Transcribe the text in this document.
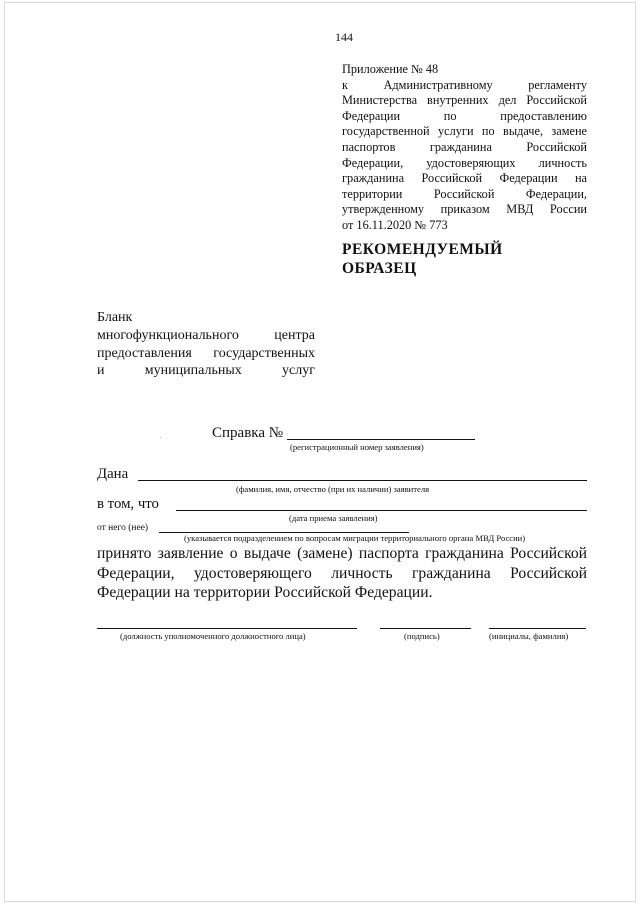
144
Приложение № 48
к Административному регламенту
Министерства внутренних дел Российской
Федерации по предоставлению
государственной услуги по выдаче, замене
паспортов гражданина Российской
Федерации, удостоверяющих личность
гражданина Российской Федерации на
территории Российской Федерации,
утвержденному приказом МВД России
от 16.11.2020 № 773
РЕКОМЕНДУЕМЫЙ
ОБРАЗЕЦ
Бланк
многофункционального центра
предоставления государственных
и муниципальных услуг
Справка №
(регистрационный номер заявления)
Дана
(фамилия, имя, отчество (при их наличии) заявителя
в том, что
(дата приема заявления)
от него (нее)
(указывается подразделением по вопросам миграции территориального органа МВД России)
принято заявление о выдаче (замене) паспорта гражданина Российской
Федерации, удостоверяющего личность гражданина Российской
Федерации на территории Российской Федерации.
(должность уполномоченного должностного лица)	(подпись)	(инициалы, фамилия)
